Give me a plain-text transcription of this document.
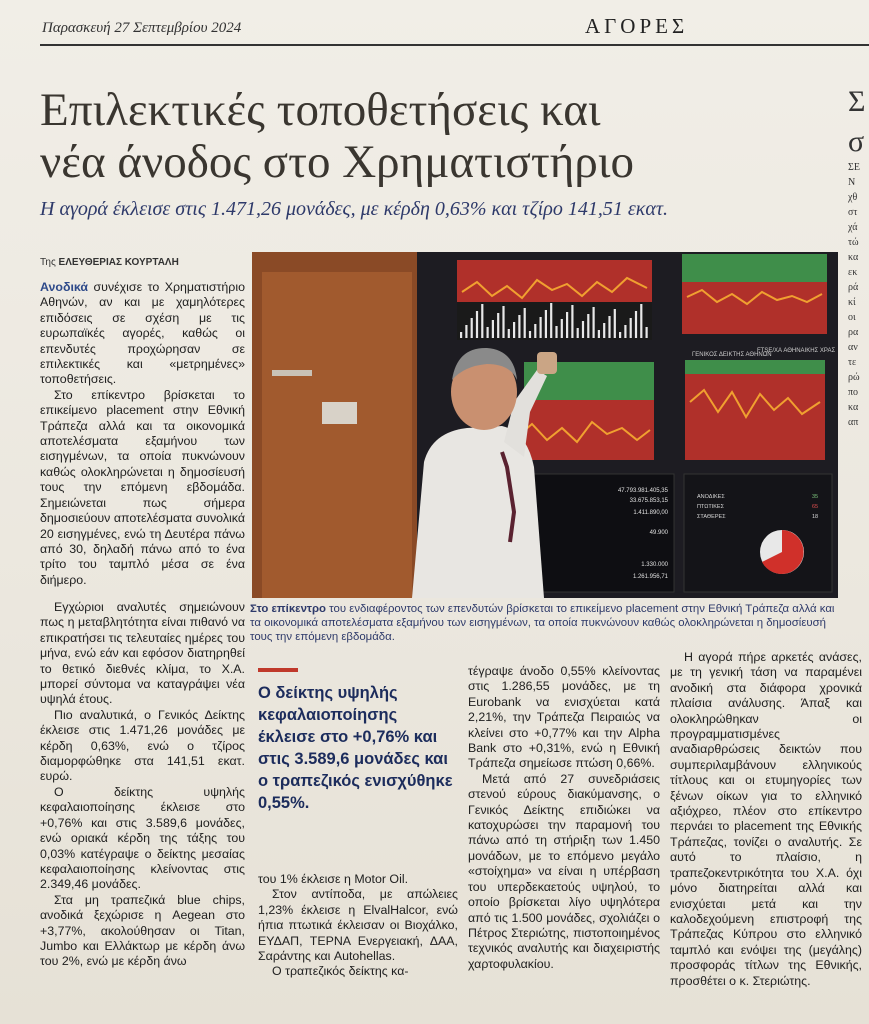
Παρασκευή 27 Σεπτεμβρίου 2024	ΑΓΟΡΕΣ
Επιλεκτικές τοποθετήσεις και
νέα άνοδος στο Χρηματιστήριο
Η αγορά έκλεισε στις 1.471,26 μονάδες, με κέρδη 0,63% και τζίρο 141,51 εκατ.
Της ΕΛΕΥΘΕΡΙΑΣ ΚΟΥΡΤΑΛΗ

Ανοδικά συνέχισε το Χρηματιστήριο Αθηνών, αν και με χαμηλότερες επιδόσεις σε σχέση με τις ευρωπαϊκές αγορές, καθώς οι επενδυτές προχώρησαν σε επιλεκτικές και «μετρημένες» τοποθετήσεις.

Στο επίκεντρο βρίσκεται το επικείμενο placement στην Εθνική Τράπεζα αλλά και τα οικονομικά αποτελέσματα εξαμήνου των εισηγμένων, τα οποία πυκνώνουν καθώς ολοκληρώνεται η δημοσίευσή τους την επόμενη εβδομάδα. Σημειώνεται πως σήμερα δημοσιεύουν αποτελέσματα συνολικά 20 εισηγμένες, ενώ τη Δευτέρα πάνω από 30, δηλαδή πάνω από το ένα τρίτο του ταμπλό μέσα σε ένα διήμερο.

Εγχώριοι αναλυτές σημειώνουν πως η μεταβλητότητα είναι πιθανό να επικρατήσει τις τελευταίες ημέρες του μήνα, ενώ εάν και εφόσον διατηρηθεί το θετικό διεθνές κλίμα, το Χ.Α. μπορεί σύντομα να καταγράψει νέα υψηλά έτους.

Πιο αναλυτικά, ο Γενικός Δείκτης έκλεισε στις 1.471,26 μονάδες με κέρδη 0,63%, ενώ ο τζίρος διαμορφώθηκε στα 141,51 εκατ. ευρώ.

Ο δείκτης υψηλής κεφαλαιοποίησης έκλεισε στο +0,76% και στις 3.589,6 μονάδες, ενώ οριακά κέρδη της τάξης του 0,03% κατέγραψε ο δείκτης μεσαίας κεφαλαιοποίησης κλείνοντας στις 2.349,46 μονάδες.

Στα μη τραπεζικά blue chips, ανοδικά ξεχώρισε η Aegean στο +3,77%, ακολούθησαν οι Titan, Jumbo και Ελλάκτωρ με κέρδη άνω του 2%, ενώ με κέρδη άνω

FTSE/XA ΑΘΗΝΑΙΚΗΣ ΧΡΑΣ
ΓΕΝΙΚΟΣ ΔΕΙΚΤΗΣ ΑΘΗΝΩΝ
47.793.981.405,35
33.675.853,15
1.411.890,00
49.900
1.330.000
1.261.956,71
ΑΝΟΔΙΚΕΣ
ΠΤΩΤΙΚΕΣ
ΣΤΑΘΕΡΕΣ
35
65
18
Στο επίκεντρο του ενδιαφέροντος των επενδυτών βρίσκεται το επικείμενο placement στην Εθνική Τράπεζα αλλά και τα οικονομικά αποτελέσματα εξαμήνου των εισηγμένων, τα οποία πυκνώνουν καθώς ολοκληρώνεται η δημοσίευσή τους την επόμενη εβδομάδα.
Ο δείκτης υψηλής κεφαλαιοποίησης έκλεισε στο +0,76% και στις 3.589,6 μονάδες και ο τραπεζικός ενισχύθηκε 0,55%.

του 1% έκλεισε η Motor Oil.

Στον αντίποδα, με απώλειες 1,23% έκλεισε η ElvalHalcor, ενώ ήπια πτωτικά έκλεισαν οι Βιοχάλκο, ΕΥΔΑΠ, ΤΕΡΝΑ Ενεργειακή, ΔΑΑ, Σαράντης και Autohellas.

Ο τραπεζικός δείκτης κα-

τέγραψε άνοδο 0,55% κλείνοντας στις 1.286,55 μονάδες, με τη Eurobank να ενισχύεται κατά 2,21%, την Τράπεζα Πειραιώς να κλείνει στο +0,77% και την Alpha Bank στο +0,31%, ενώ η Εθνική Τράπεζα σημείωσε πτώση 0,66%.

Μετά από 27 συνεδριάσεις στενού εύρους διακύμανσης, ο Γενικός Δείκτης επιδιώκει να κατοχυρώσει την παραμονή του πάνω από τη στήριξη των 1.450 μονάδων, με το επόμενο μεγάλο «στοίχημα» να είναι η υπέρβαση του υπερδεκαετούς υψηλού, το οποίο βρίσκεται λίγο υψηλότερα από τις 1.500 μονάδες, σχολιάζει ο Πέτρος Στεριώτης, πιστοποιημένος τεχνικός αναλυτής και διαχειριστής χαρτοφυλακίου.

Η αγορά πήρε αρκετές ανάσες, με τη γενική τάση να παραμένει ανοδική στα διάφορα χρονικά πλαίσια ανάλυσης. Άπαξ και ολοκληρώθηκαν οι προγραμματισμένες αναδιαρθρώσεις δεικτών που συμπεριλαμβάνουν ελληνικούς τίτλους και οι ετυμηγορίες των ξένων οίκων για το ελληνικό αξιόχρεο, πλέον στο επίκεντρο περνάει το placement της Εθνικής Τράπεζας, τονίζει ο αναλυτής. Σε αυτό το πλαίσιο, η τραπεζοκεντρικότητα του Χ.Α. όχι μόνο διατηρείται αλλά και ενισχύεται μετά και την καλοδεχούμενη επιστροφή της Τράπεζας Κύπρου στο ελληνικό ταμπλό και ενόψει της (μεγάλης) προσφοράς τίτλων της Εθνικής, προσθέτει ο κ. Στεριώτης.

Σ
σ
ΣΕ Ν
χθ
στ
χά
τώ
κα
εκ
ρά
κί
οι
ρα
αν
τε
ρώ
πο
κα
απ
